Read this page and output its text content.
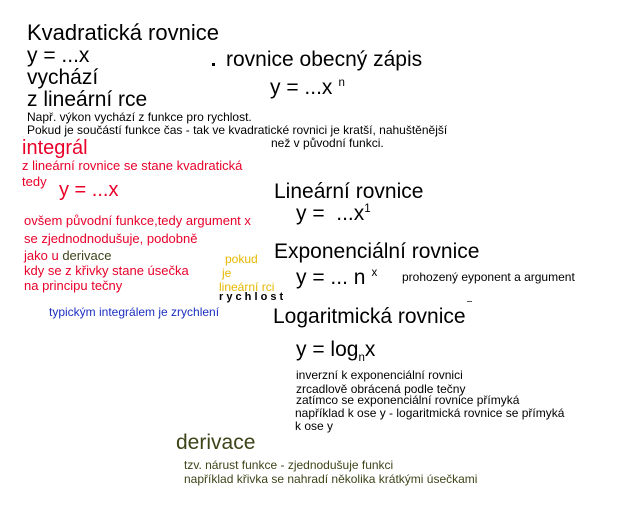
Kvadratická rovnice
y = ...x
vychází
z lineární rce
Např. výkon vychází z funkce pro rychlost.
Pokud je součástí funkce čas - tak ve kvadratické rovnici je kratší, nahuštěnější
než v původní funkci.
integrál
z lineární rovnice se stane kvadratická
tedy y = ...x
ovšem původní funkce,tedy argument x
se zjednodnodušuje, podobně
jako u derivace
kdy se z křivky stane úsečka
na principu tečny
pokud
je
lineární rci
r y c h l o s t
typickým integrálem je zrychlení
rovnice obecný zápis
y = ...x $^n$
Lineární rovnice
$y = ...x^1$
Exponenciální rovnice
y = ... n $^x$ prohozený eyponent a argument
Logaritmická rovnice
$y = \log_nx$
inverzní k exponenciální rovnici
zrcadlově obrácená podle tečny
zatímco se exponenciální rovnice přímyká
například k ose y - logaritmická rovnice se přímyká
k ose y
derivace
tzv. nárust funkce - zjednodušuje funkci
například křivka se nahradí několika krátkými úsečkami
